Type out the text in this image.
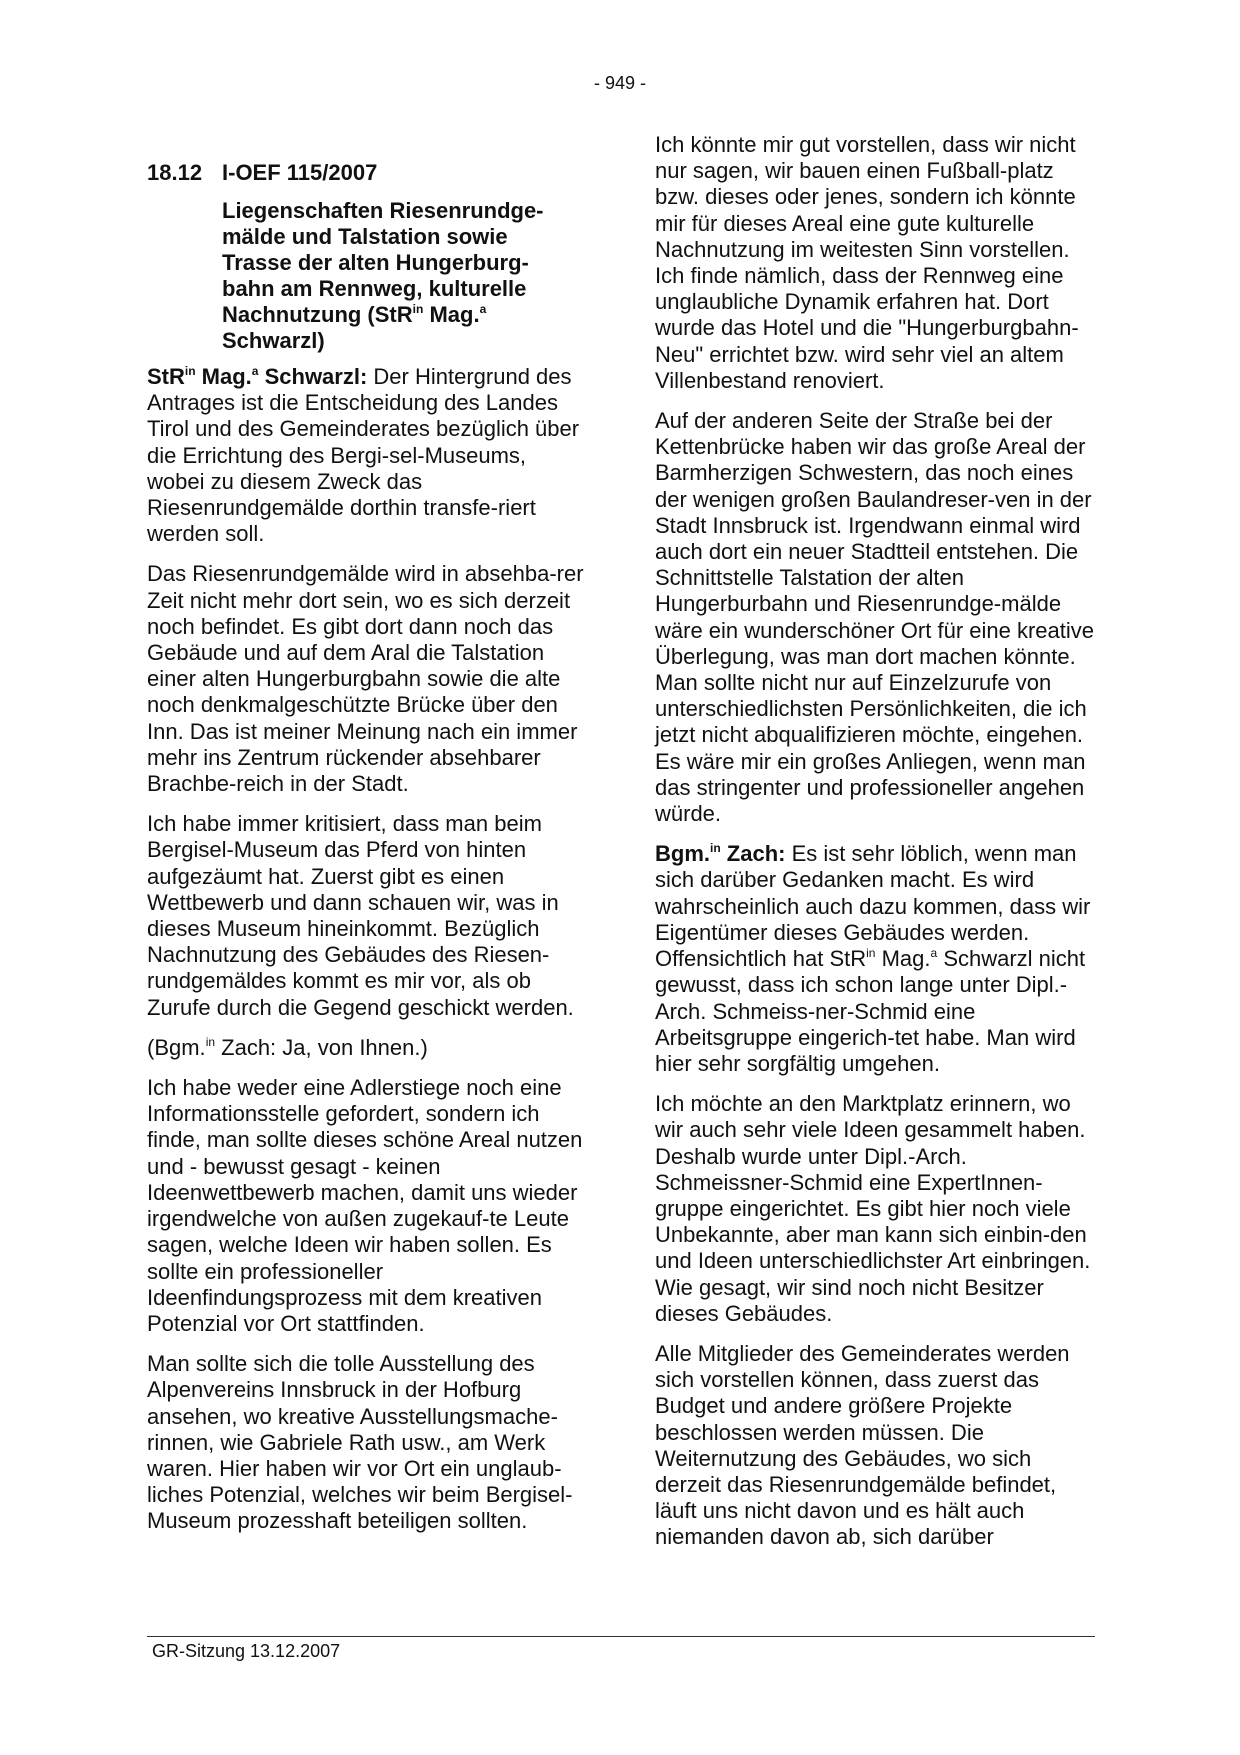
- 949 -
18.12 I-OEF 115/2007
Liegenschaften Riesenrundge-
mälde und Talstation sowie
Trasse der alten Hungerburg-
bahn am Rennweg, kulturelle
Nachnutzung (StR$^{in}$ Mag.$^a$
Schwarzl)

StR$^{in}$ Mag.$^a$ Schwarzl: Der Hintergrund des Antrages ist die Entscheidung des Landes Tirol und des Gemeinderates bezüglich über die Errichtung des Bergi-sel-Museums, wobei zu diesem Zweck das Riesenrundgemälde dorthin transfe-riert werden soll.

Das Riesenrundgemälde wird in absehba-rer Zeit nicht mehr dort sein, wo es sich derzeit noch befindet. Es gibt dort dann noch das Gebäude und auf dem Aral die Talstation einer alten Hungerburgbahn sowie die alte noch denkmalgeschützte Brücke über den Inn. Das ist meiner Meinung nach ein immer mehr ins Zentrum rückender absehbarer Brachbe-reich in der Stadt.

Ich habe immer kritisiert, dass man beim Bergisel-Museum das Pferd von hinten aufgezäumt hat. Zuerst gibt es einen Wettbewerb und dann schauen wir, was in dieses Museum hineinkommt. Bezüglich Nachnutzung des Gebäudes des Riesen-rundgemäldes kommt es mir vor, als ob Zurufe durch die Gegend geschickt werden.

(Bgm.$^{in}$ Zach: Ja, von Ihnen.)

Ich habe weder eine Adlerstiege noch eine Informationsstelle gefordert, sondern ich finde, man sollte dieses schöne Areal nutzen und - bewusst gesagt - keinen Ideenwettbewerb machen, damit uns wieder irgendwelche von außen zugekauf-te Leute sagen, welche Ideen wir haben sollen. Es sollte ein professioneller Ideenfindungsprozess mit dem kreativen Potenzial vor Ort stattfinden.

Man sollte sich die tolle Ausstellung des Alpenvereins Innsbruck in der Hofburg ansehen, wo kreative Ausstellungsmache-rinnen, wie Gabriele Rath usw., am Werk waren. Hier haben wir vor Ort ein unglaub-liches Potenzial, welches wir beim Bergisel-Museum prozesshaft beteiligen sollten.

Ich könnte mir gut vorstellen, dass wir nicht nur sagen, wir bauen einen Fußball-platz bzw. dieses oder jenes, sondern ich könnte mir für dieses Areal eine gute kulturelle Nachnutzung im weitesten Sinn vorstellen. Ich finde nämlich, dass der Rennweg eine unglaubliche Dynamik erfahren hat. Dort wurde das Hotel und die "Hungerburgbahn-Neu" errichtet bzw. wird sehr viel an altem Villenbestand renoviert.

Auf der anderen Seite der Straße bei der Kettenbrücke haben wir das große Areal der Barmherzigen Schwestern, das noch eines der wenigen großen Baulandreser-ven in der Stadt Innsbruck ist. Irgendwann einmal wird auch dort ein neuer Stadtteil entstehen. Die Schnittstelle Talstation der alten Hungerburbahn und Riesenrundge-mälde wäre ein wunderschöner Ort für eine kreative Überlegung, was man dort machen könnte. Man sollte nicht nur auf Einzelzurufe von unterschiedlichsten Persönlichkeiten, die ich jetzt nicht abqualifizieren möchte, eingehen. Es wäre mir ein großes Anliegen, wenn man das stringenter und professioneller angehen würde.

Bgm.$^{in}$ Zach: Es ist sehr löblich, wenn man sich darüber Gedanken macht. Es wird wahrscheinlich auch dazu kommen, dass wir Eigentümer dieses Gebäudes werden. Offensichtlich hat StR$^{in}$ Mag.$^a$ Schwarzl nicht gewusst, dass ich schon lange unter Dipl.-Arch. Schmeiss-ner-Schmid eine Arbeitsgruppe eingerich-tet habe. Man wird hier sehr sorgfältig umgehen.

Ich möchte an den Marktplatz erinnern, wo wir auch sehr viele Ideen gesammelt haben. Deshalb wurde unter Dipl.-Arch. Schmeissner-Schmid eine ExpertInnen-gruppe eingerichtet. Es gibt hier noch viele Unbekannte, aber man kann sich einbin-den und Ideen unterschiedlichster Art einbringen. Wie gesagt, wir sind noch nicht Besitzer dieses Gebäudes.

Alle Mitglieder des Gemeinderates werden sich vorstellen können, dass zuerst das Budget und andere größere Projekte beschlossen werden müssen. Die Weiternutzung des Gebäudes, wo sich derzeit das Riesenrundgemälde befindet, läuft uns nicht davon und es hält auch niemanden davon ab, sich darüber

GR-Sitzung 13.12.2007
